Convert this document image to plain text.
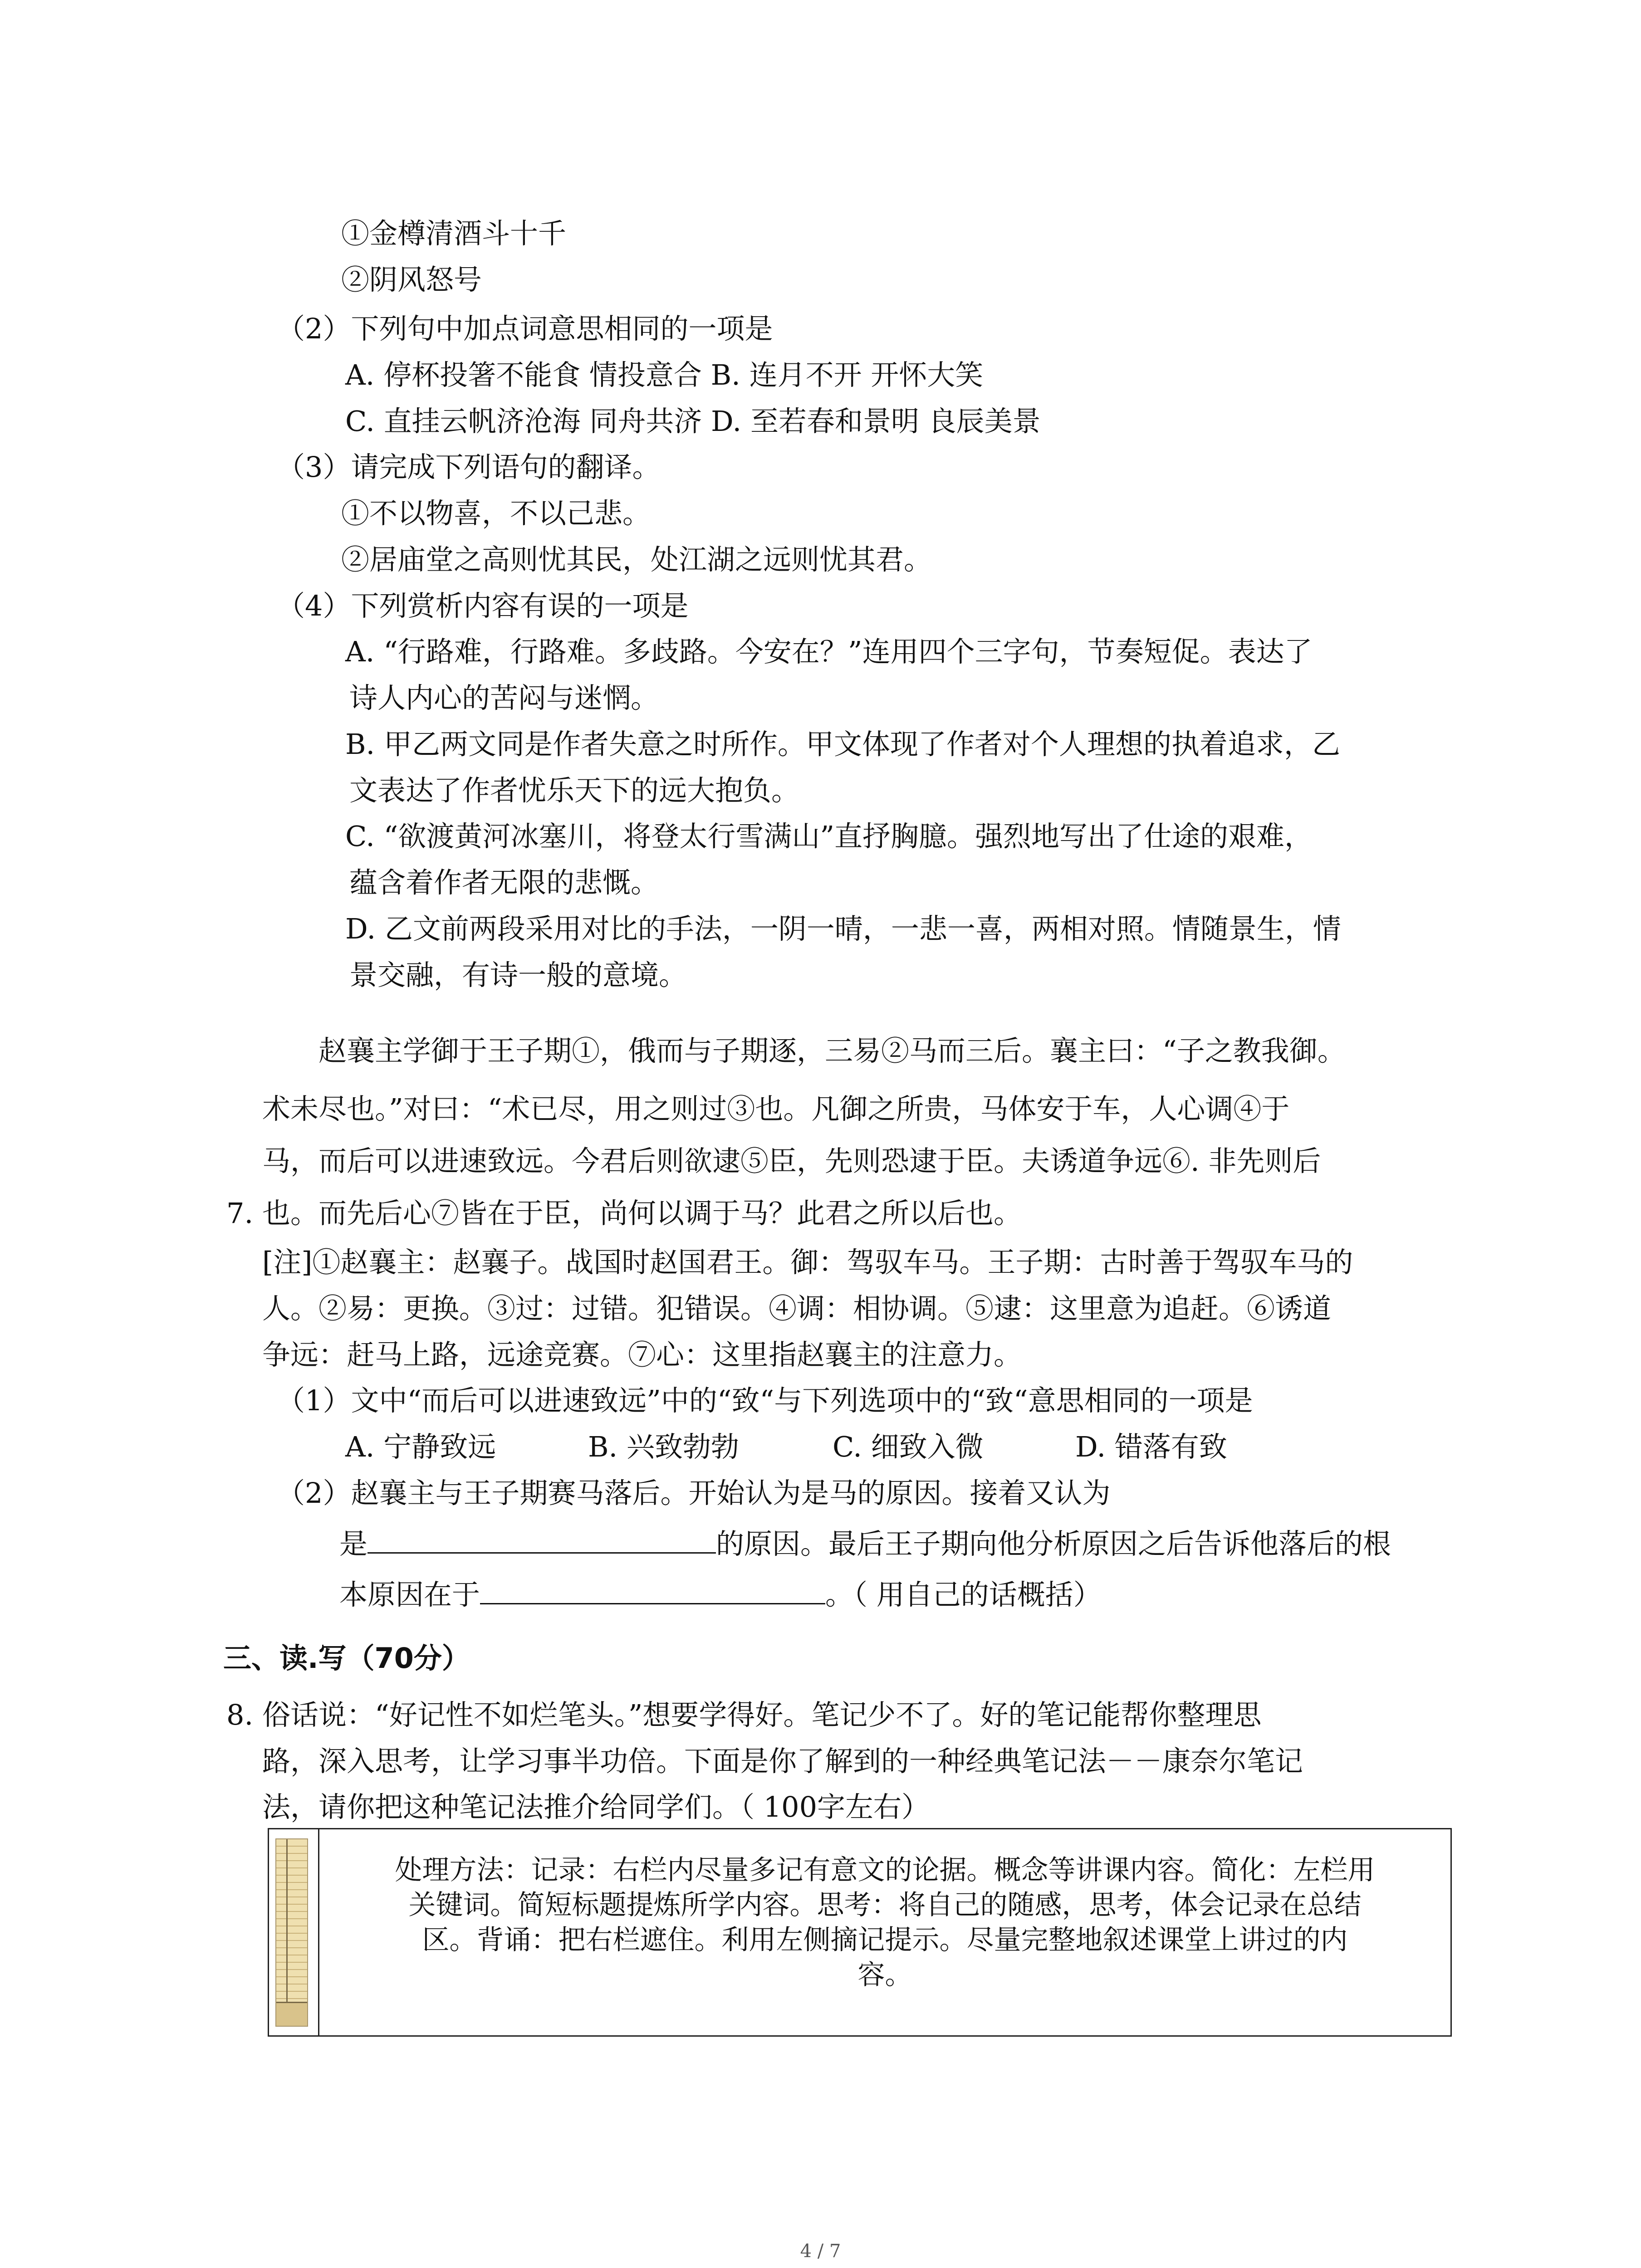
①金樽清酒斗十千
②阴风怒号
（2）下列句中加点词意思相同的一项是
A. 停杯投箸不能食 情投意合 B. 连月不开 开怀大笑
C. 直挂云帆济沧海 同舟共济 D. 至若春和景明 良辰美景
（3）请完成下列语句的翻译。
①不以物喜，不以己悲。
②居庙堂之高则忧其民，处江湖之远则忧其君。
（4）下列赏析内容有误的一项是
A. “行路难，行路难。多歧路。今安在？”连用四个三字句，节奏短促。表达了
诗人内心的苦闷与迷惘。
B. 甲乙两文同是作者失意之时所作。甲文体现了作者对个人理想的执着追求，乙
文表达了作者忧乐天下的远大抱负。
C. “欲渡黄河冰塞川，将登太行雪满山”直抒胸臆。强烈地写出了仕途的艰难，
蕴含着作者无限的悲慨。
D. 乙文前两段采用对比的手法，一阴一晴，一悲一喜，两相对照。情随景生，情
景交融，有诗一般的意境。
赵襄主学御于王子期①，俄而与子期逐，三易②马而三后。襄主曰：“子之教我御。
术未尽也。”对曰：“术已尽，用之则过③也。凡御之所贵，马体安于车，人心调④于
马，而后可以进速致远。今君后则欲逮⑤臣，先则恐逮于臣。夫诱道争远⑥. 非先则后
7. 也。而先后心⑦皆在于臣，尚何以调于马？此君之所以后也。
[注]①赵襄主：赵襄子。战国时赵国君王。御：驾驭车马。王子期：古时善于驾驭车马的
人。②易：更换。③过：过错。犯错误。④调：相协调。⑤逮：这里意为追赶。⑥诱道
争远：赶马上路，远途竞赛。⑦心：这里指赵襄主的注意力。
（1）文中“而后可以进速致远”中的“致“与下列选项中的“致“意思相同的一项是
A. 宁静致远	B. 兴致勃勃	C. 细致入微	D. 错落有致
（2）赵襄主与王子期赛马落后。开始认为是马的原因。接着又认为
是	的原因。最后王子期向他分析原因之后告诉他落后的根
本原因在于	。（ 用自己的话概括）
三、读.写（70分）
8. 俗话说：“好记性不如烂笔头。”想要学得好。笔记少不了。好的笔记能帮你整理思
路，深入思考，让学习事半功倍。下面是你了解到的一种经典笔记法－－康奈尔笔记
法，请你把这种笔记法推介给同学们。（ 100字左右）
处理方法：记录：右栏内尽量多记有意文的论据。概念等讲课内容。简化：左栏用
关键词。简短标题提炼所学内容。思考：将自己的随感，思考，体会记录在总结
区。背诵：把右栏遮住。利用左侧摘记提示。尽量完整地叙述课堂上讲过的内
容。
4 / 7
